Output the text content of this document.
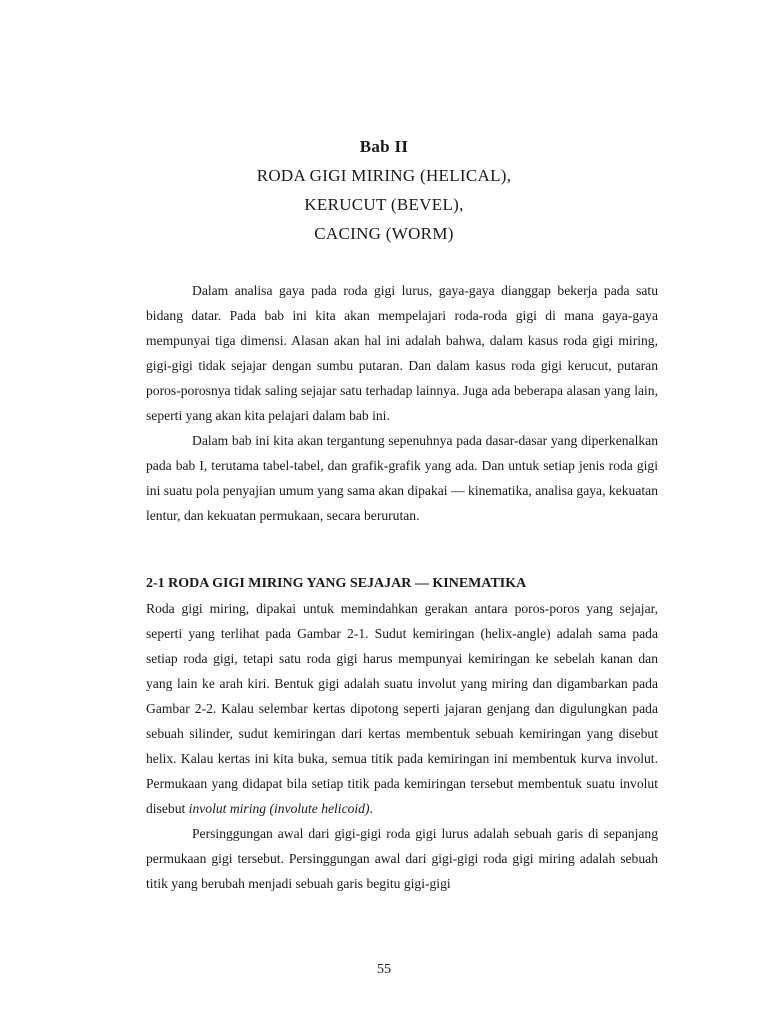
Bab II
RODA GIGI MIRING (HELICAL),
KERUCUT (BEVEL),
CACING (WORM)

Dalam analisa gaya pada roda gigi lurus, gaya-gaya dianggap bekerja pada satu bidang datar. Pada bab ini kita akan mempelajari roda-roda gigi di mana gaya-gaya mempunyai tiga dimensi. Alasan akan hal ini adalah bahwa, dalam kasus roda gigi miring, gigi-gigi tidak sejajar dengan sumbu putaran. Dan dalam kasus roda gigi kerucut, putaran poros-porosnya tidak saling sejajar satu terhadap lainnya. Juga ada beberapa alasan yang lain, seperti yang akan kita pelajari dalam bab ini.

Dalam bab ini kita akan tergantung sepenuhnya pada dasar-dasar yang diperkenalkan pada bab I, terutama tabel-tabel, dan grafik-grafik yang ada. Dan untuk setiap jenis roda gigi ini suatu pola penyajian umum yang sama akan dipakai — kinematika, analisa gaya, kekuatan lentur, dan kekuatan permukaan, secara berurutan.

2-1 RODA GIGI MIRING YANG SEJAJAR — KINEMATIKA

Roda gigi miring, dipakai untuk memindahkan gerakan antara poros-poros yang sejajar, seperti yang terlihat pada Gambar 2-1. Sudut kemiringan (helix-angle) adalah sama pada setiap roda gigi, tetapi satu roda gigi harus mempunyai kemiringan ke sebelah kanan dan yang lain ke arah kiri. Bentuk gigi adalah suatu involut yang miring dan digambarkan pada Gambar 2-2. Kalau selembar kertas dipotong seperti jajaran genjang dan digulungkan pada sebuah silinder, sudut kemiringan dari kertas membentuk sebuah kemiringan yang disebut helix. Kalau kertas ini kita buka, semua titik pada kemiringan ini membentuk kurva involut. Permukaan yang didapat bila setiap titik pada kemiringan tersebut membentuk suatu involut disebut involut miring (involute helicoid).

Persinggungan awal dari gigi-gigi roda gigi lurus adalah sebuah garis di sepanjang permukaan gigi tersebut. Persinggungan awal dari gigi-gigi roda gigi miring adalah sebuah titik yang berubah menjadi sebuah garis begitu gigi-gigi

55
